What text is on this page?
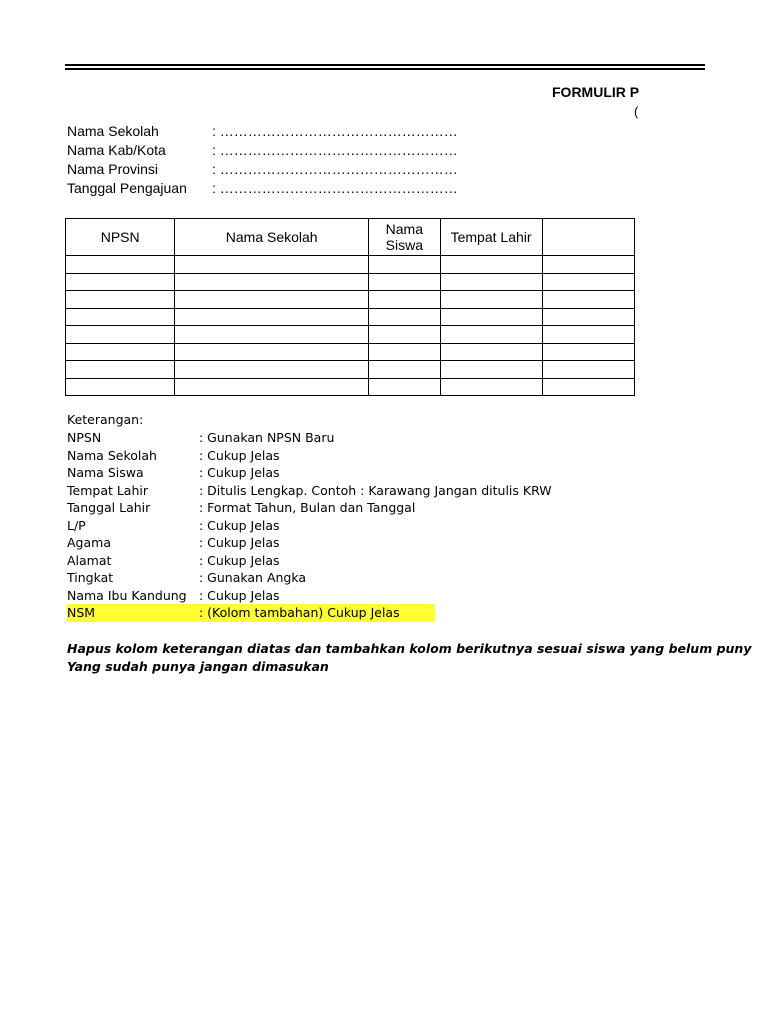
FORMULIR P
(
Nama Sekolah	: ……………………………………………
Nama Kab/Kota	: ……………………………………………
Nama Provinsi	: ……………………………………………
Tanggal Pengajuan : ……………………………………………
NPSN	Nama Sekolah	Nama Siswa	Tempat Lahir	

Keterangan:
NPSN	: Gunakan NPSN Baru
Nama Sekolah	: Cukup Jelas
Nama Siswa	: Cukup Jelas
Tempat Lahir	: Ditulis Lengkap. Contoh : Karawang Jangan ditulis KRW
Tanggal Lahir	: Format Tahun, Bulan dan Tanggal
L/P	: Cukup Jelas
Agama	: Cukup Jelas
Alamat	: Cukup Jelas
Tingkat	: Gunakan Angka
Nama Ibu Kandung : Cukup Jelas
NSM	: (Kolom tambahan) Cukup Jelas
Hapus kolom keterangan diatas dan tambahkan kolom berikutnya sesuai siswa yang belum puny
Yang sudah punya jangan dimasukan
